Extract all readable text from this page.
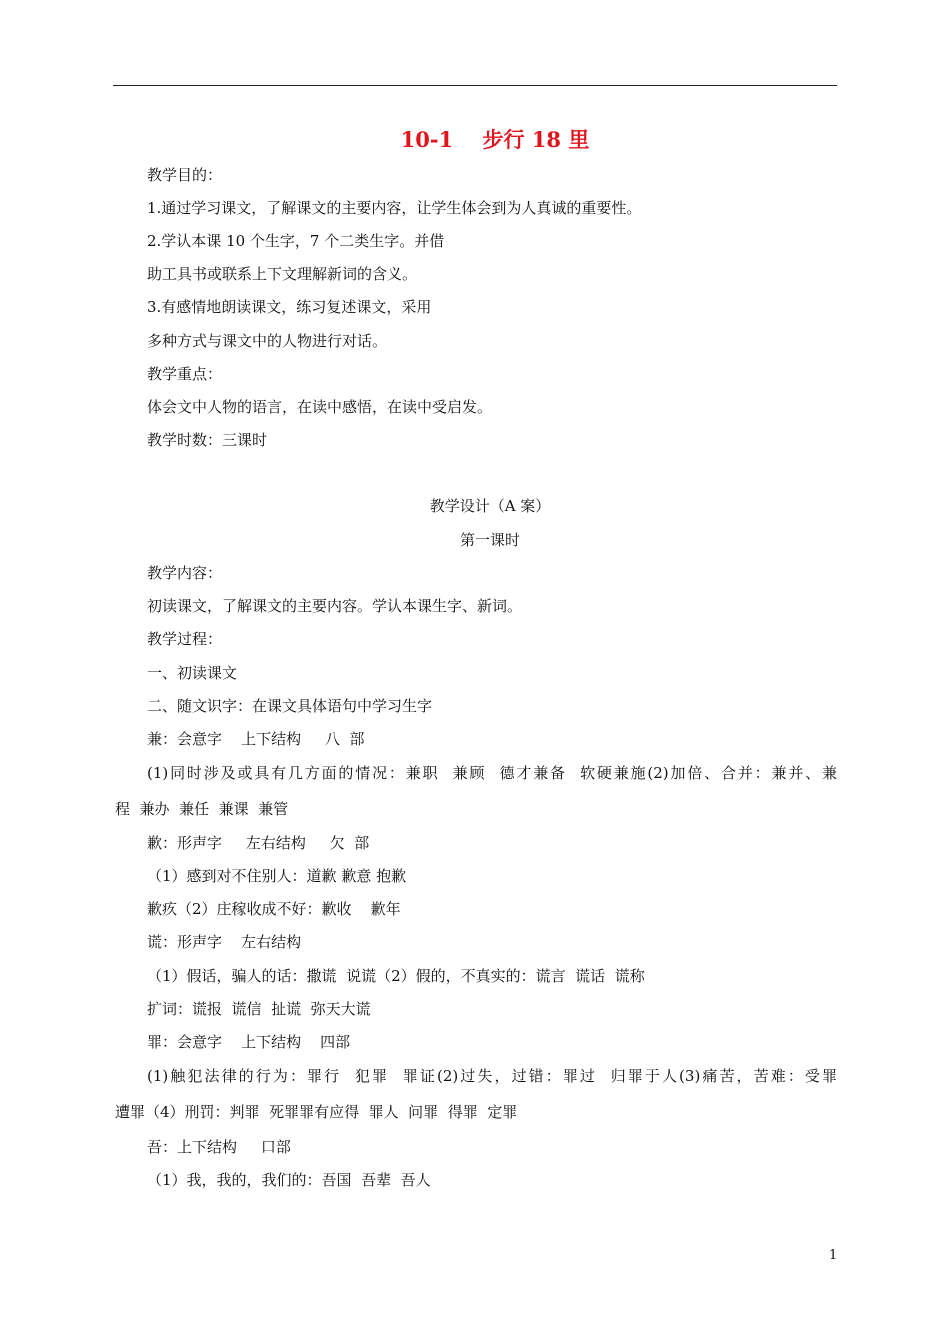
10-1    步行 18 里
教学目的：
1.通过学习课文，了解课文的主要内容，让学生体会到为人真诚的重要性。
2.学认本课 10 个生字，7 个二类生字。并借
助工具书或联系上下文理解新词的含义。
3.有感情地朗读课文，练习复述课文，采用
多种方式与课文中的人物进行对话。
教学重点：
体会文中人物的语言，在读中感悟，在读中受启发。
教学时数：三课时
教学设计（A 案）
第一课时
教学内容：
初读课文，了解课文的主要内容。学认本课生字、新词。
教学过程：
一、初读课文
二、随文识字：在课文具体语句中学习生字
兼：会意字    上下结构     八  部
(1)同时涉及或具有几方面的情况：兼职  兼顾  德才兼备  软硬兼施(2)加倍、合并：兼并、兼
程  兼办  兼任  兼课  兼管
歉：形声字     左右结构     欠  部
（1）感到对不住别人：道歉 歉意 抱歉
歉疚（2）庄稼收成不好：歉收    歉年
谎：形声字    左右结构
（1）假话，骗人的话：撒谎  说谎（2）假的，不真实的：谎言  谎话  谎称
扩词：谎报  谎信  扯谎  弥天大谎
罪：会意字    上下结构    四部
(1)触犯法律的行为：罪行  犯罪  罪证(2)过失，过错：罪过  归罪于人(3)痛苦，苦难：受罪
遭罪（4）刑罚：判罪  死罪罪有应得  罪人  问罪  得罪  定罪
吾：上下结构     口部
（1）我，我的，我们的：吾国  吾辈  吾人
1
